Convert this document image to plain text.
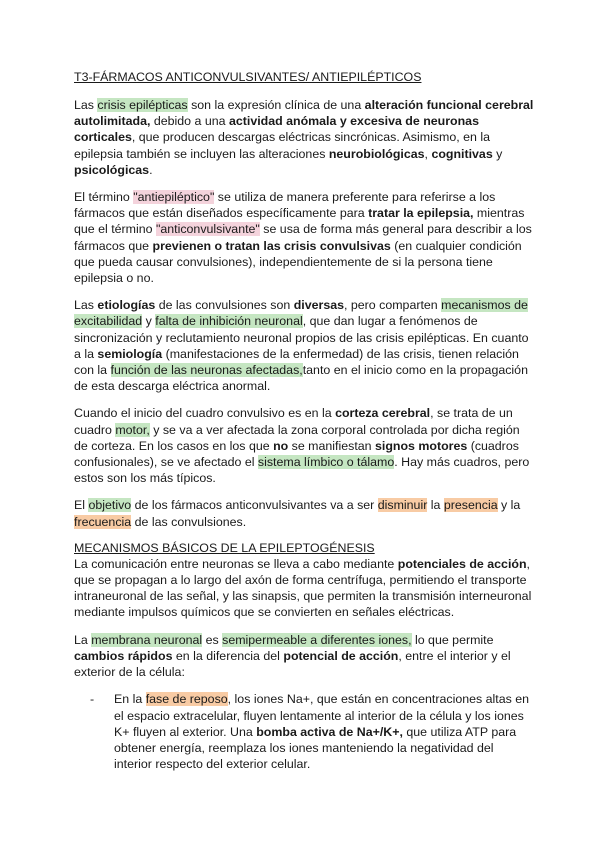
T3-FÁRMACOS ANTICONVULSIVANTES/ ANTIEPILÉPTICOS

Las crisis epilépticas son la expresión clínica de una alteración funcional cerebral autolimitada, debido a una actividad anómala y excesiva de neuronas corticales, que producen descargas eléctricas sincrónicas. Asimismo, en la epilepsia también se incluyen las alteraciones neurobiológicas, cognitivas y psicológicas.

El término "antiepiléptico" se utiliza de manera preferente para referirse a los fármacos que están diseñados específicamente para tratar la epilepsia, mientras que el término "anticonvulsivante" se usa de forma más general para describir a los fármacos que previenen o tratan las crisis convulsivas (en cualquier condición que pueda causar convulsiones), independientemente de si la persona tiene epilepsia o no.

Las etiologías de las convulsiones son diversas, pero comparten mecanismos de excitabilidad y falta de inhibición neuronal, que dan lugar a fenómenos de sincronización y reclutamiento neuronal propios de las crisis epilépticas. En cuanto a la semiología (manifestaciones de la enfermedad) de las crisis, tienen relación con la función de las neuronas afectadas,tanto en el inicio como en la propagación de esta descarga eléctrica anormal.

Cuando el inicio del cuadro convulsivo es en la corteza cerebral, se trata de un cuadro motor, y se va a ver afectada la zona corporal controlada por dicha región de corteza. En los casos en los que no se manifiestan signos motores (cuadros confusionales), se ve afectado el sistema límbico o tálamo. Hay más cuadros, pero estos son los más típicos.

El objetivo de los fármacos anticonvulsivantes va a ser disminuir la presencia y la frecuencia de las convulsiones.

MECANISMOS BÁSICOS DE LA EPILEPTOGÉNESIS

La comunicación entre neuronas se lleva a cabo mediante potenciales de acción, que se propagan a lo largo del axón de forma centrífuga, permitiendo el transporte intraneuronal de las señal, y las sinapsis, que permiten la transmisión interneuronal mediante impulsos químicos que se convierten en señales eléctricas.

La membrana neuronal es semipermeable a diferentes iones, lo que permite cambios rápidos en la diferencia del potencial de acción, entre el interior y el exterior de la célula:

- En la fase de reposo, los iones Na+, que están en concentraciones altas en el espacio extracelular, fluyen lentamente al interior de la célula y los iones K+ fluyen al exterior. Una bomba activa de Na+/K+, que utiliza ATP para obtener energía, reemplaza los iones manteniendo la negatividad del interior respecto del exterior celular.
